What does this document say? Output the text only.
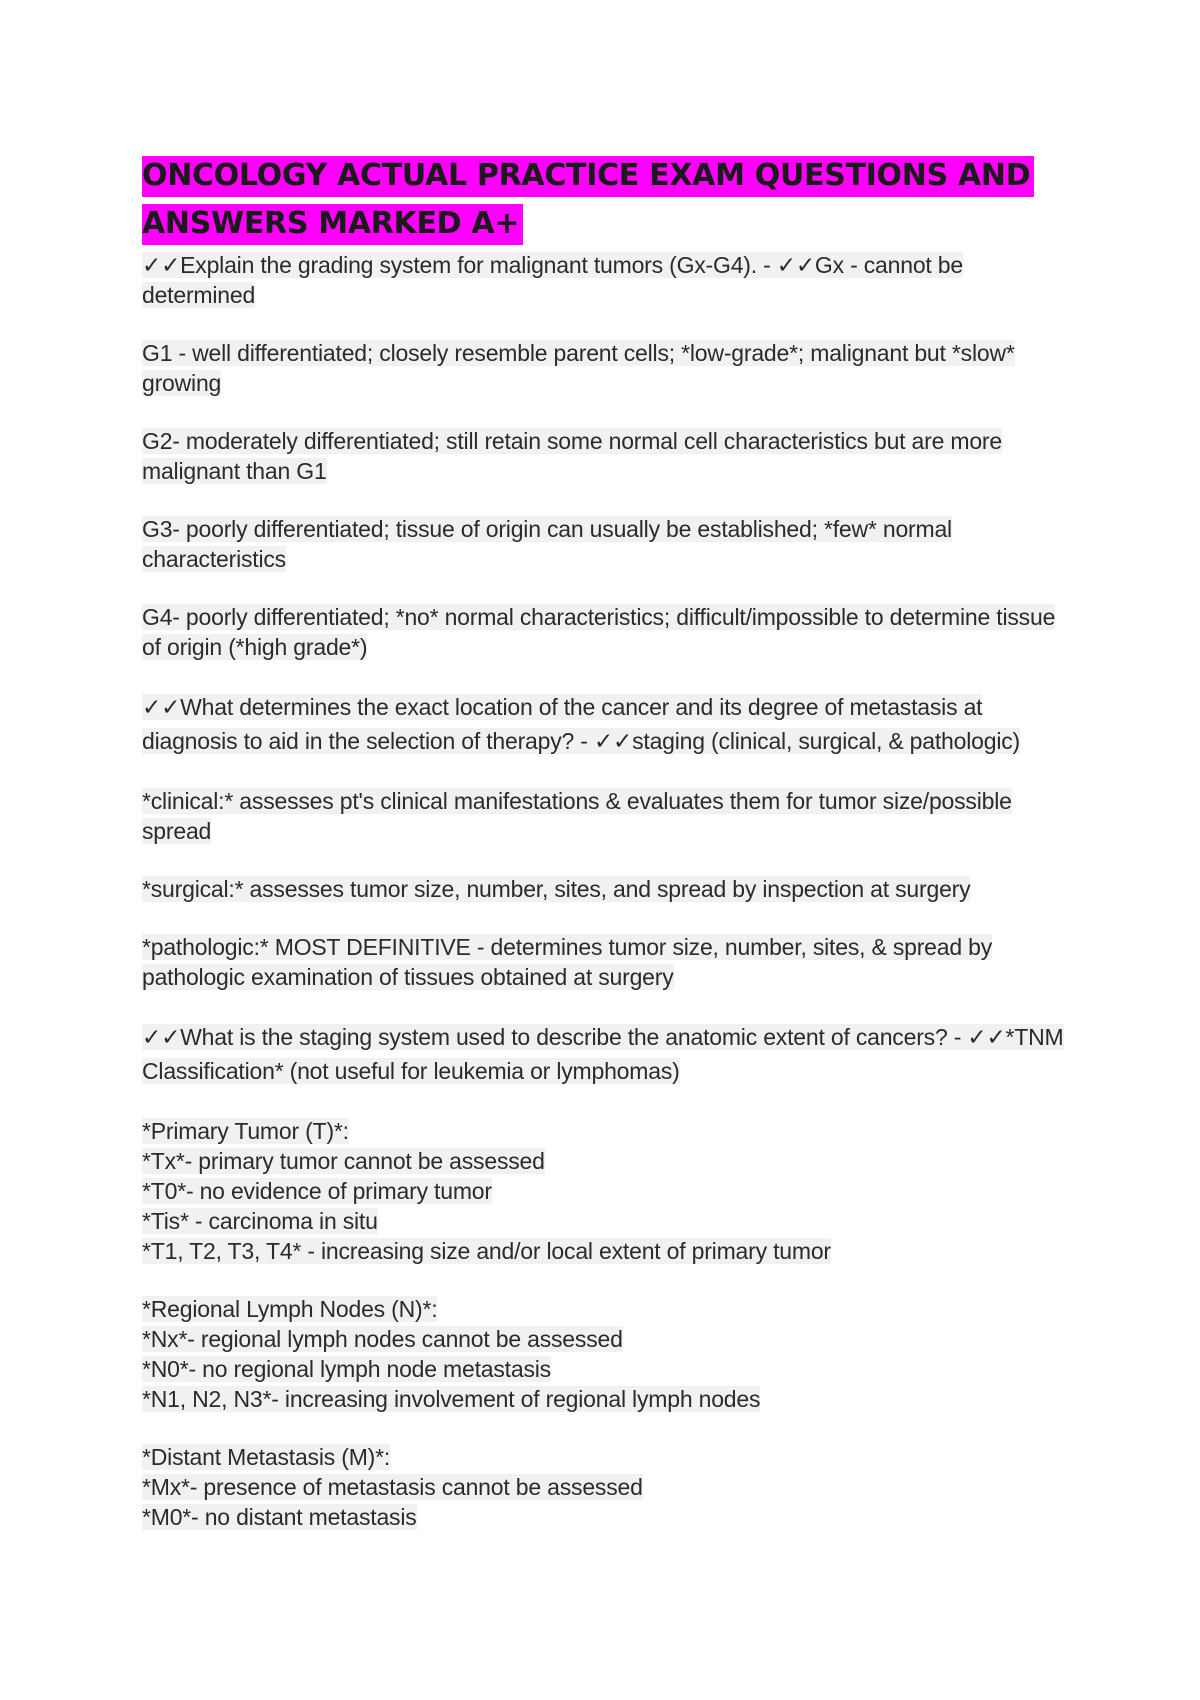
ONCOLOGY ACTUAL PRACTICE EXAM QUESTIONS AND ANSWERS MARKED A+

✓✓Explain the grading system for malignant tumors (Gx-G4). - ✓✓Gx - cannot be determined

G1 - well differentiated; closely resemble parent cells; *low-grade*; malignant but *slow* growing

G2- moderately differentiated; still retain some normal cell characteristics but are more malignant than G1

G3- poorly differentiated; tissue of origin can usually be established; *few* normal characteristics

G4- poorly differentiated; *no* normal characteristics; difficult/impossible to determine tissue of origin (*high grade*)

✓✓What determines the exact location of the cancer and its degree of metastasis at diagnosis to aid in the selection of therapy? - ✓✓staging (clinical, surgical, & pathologic)

*clinical:* assesses pt's clinical manifestations & evaluates them for tumor size/possible spread

*surgical:* assesses tumor size, number, sites, and spread by inspection at surgery

*pathologic:* MOST DEFINITIVE - determines tumor size, number, sites, & spread by pathologic examination of tissues obtained at surgery

✓✓What is the staging system used to describe the anatomic extent of cancers? - ✓✓*TNM Classification* (not useful for leukemia or lymphomas)

*Primary Tumor (T)*:
*Tx*- primary tumor cannot be assessed
*T0*- no evidence of primary tumor
*Tis* - carcinoma in situ
*T1, T2, T3, T4* - increasing size and/or local extent of primary tumor
*Regional Lymph Nodes (N)*:
*Nx*- regional lymph nodes cannot be assessed
*N0*- no regional lymph node metastasis
*N1, N2, N3*- increasing involvement of regional lymph nodes
*Distant Metastasis (M)*:
*Mx*- presence of metastasis cannot be assessed
*M0*- no distant metastasis
